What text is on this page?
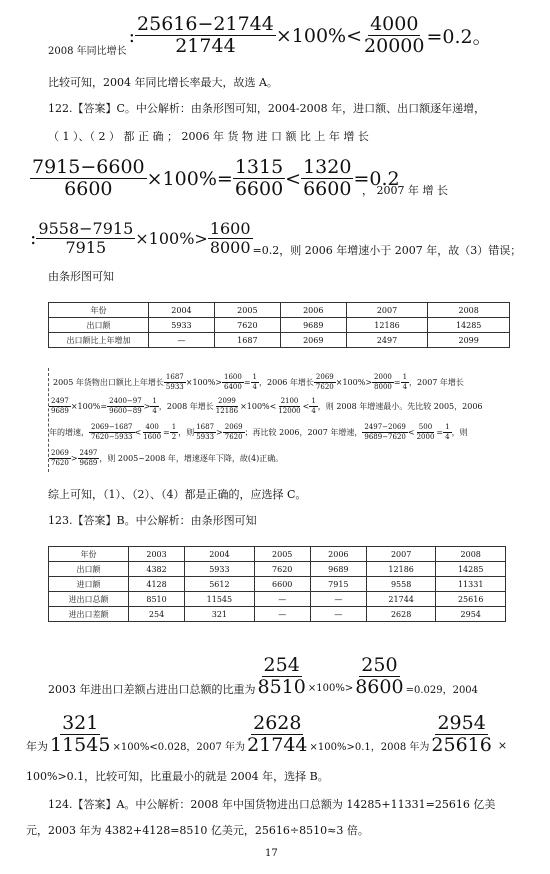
2008 年同比增长
: $\frac{25616-21744}{21744} \times 100\%< \frac{4000}{20000} =0.2$。
比较可知，2004 年同比增长率最大，故选 A。
122.【答案】C。中公解析：由条形图可知，2004-2008 年，进口额、出口额逐年递增，
（ 1 ）、（ 2 ） 都 正 确 ； 2006 年 货 物 进 口 额 比 上 年 增 长
$\frac{7915-6600}{6600} \times 100\%= \frac{1315}{6600} < \frac{1320}{6600} =0.2$
， 2007 年 增 长
: $\frac{9558-7915}{7915} \times 100\%> \frac{1600}{8000} =0.2$，则 2006 年增速小于 2007 年，故（3）错误；
由条形图可知
年份	2004	2005	2006	2007	2008
出口额	5933	7620	9689	12186	14285
出口额比上年增加	—	1687	2069	2497	2099
2005 年货物出口额比上年增长 $\frac{1687}{5933} \times 100\%> \frac{1600}{6400} = \frac{1}{4}$ ，2006 年增长 $\frac{2069}{7620} \times 100\%> \frac{2000}{8000} = \frac{1}{4}$ ，2007 年增长
$\frac{2497}{9689} \times 100\%= \frac{2400-97}{9600-89} > \frac{1}{4}$ ，2008 年增长 $\frac{2099}{12186} \times 100\%< \frac{2100}{12000} < \frac{1}{4}$ ，则 2008 年增速最小。先比较 2005，2006
年的增速， $\frac{2069-1687}{7620-5933} < \frac{400}{1600} = \frac{1}{2}$ ，则 $\frac{1687}{5933} > \frac{2069}{7620}$ ；再比较 2006，2007 年增速， $\frac{2497-2069}{9689-7620} < \frac{500}{2000} = \frac{1}{4}$ ，则
$\frac{2069}{7620} > \frac{2497}{9689}$ ，则 2005~2008 年，增速逐年下降，故(4)正确。
综上可知，（1）、（2）、（4）都是正确的，应选择 C。
123.【答案】B。中公解析：由条形图可知
年份	2003	2004	2005	2006	2007	2008
出口额	4382	5933	7620	9689	12186	14285
进口额	4128	5612	6600	7915	9558	11331
进出口总额	8510	11545	—	—	21744	25616
进出口差额	254	321	—	—	2628	2954
2003 年进出口差额占进出口总额的比重为 $\frac{254}{8510} \times 100\%> \frac{250}{8600} =0.029$，2004
年为 $\frac{321}{11545} \times 100\%<0.028$，2007 年为 $\frac{2628}{21744} \times 100\%>0.1$，2008 年为 $\frac{2954}{25616}$ ×
100%>0.1，比较可知，比重最小的就是 2004 年，选择 B。
124.【答案】A。中公解析：2008 年中国货物进出口总额为 14285+11331=25616 亿美
元，2003 年为 4382+4128=8510 亿美元，25616÷8510≈3 倍。
17
